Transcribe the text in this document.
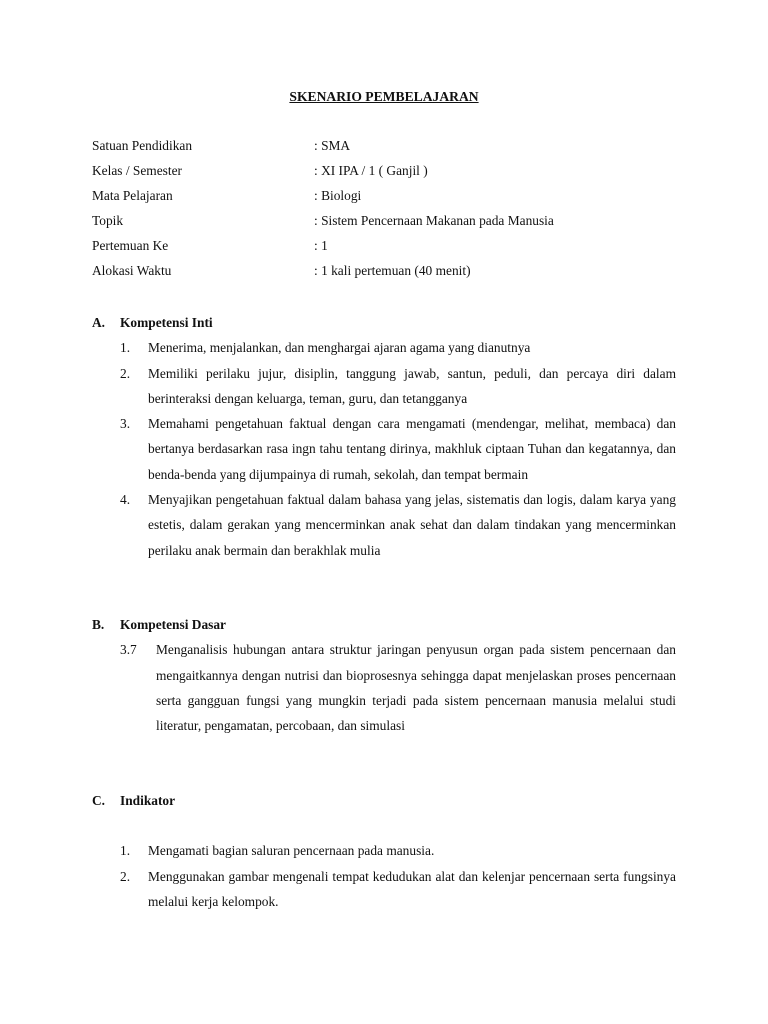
SKENARIO PEMBELAJARAN
Satuan Pendidikan	: SMA
Kelas / Semester	: XI IPA / 1 ( Ganjil )
Mata Pelajaran	: Biologi
Topik	: Sistem Pencernaan Makanan pada Manusia
Pertemuan Ke	: 1
Alokasi Waktu	: 1 kali pertemuan (40 menit)
A.	Kompetensi Inti
1.	Menerima, menjalankan, dan menghargai ajaran agama yang dianutnya
2.	Memiliki perilaku jujur, disiplin, tanggung jawab, santun, peduli, dan percaya diri dalam berinteraksi dengan keluarga, teman, guru, dan tetangganya
3.	Memahami pengetahuan faktual dengan cara mengamati (mendengar, melihat, membaca) dan bertanya berdasarkan rasa ingn tahu tentang dirinya, makhluk ciptaan Tuhan dan kegatannya, dan benda-benda yang dijumpainya di rumah, sekolah, dan tempat bermain
4.	Menyajikan pengetahuan faktual dalam bahasa yang jelas, sistematis dan logis, dalam karya yang estetis, dalam gerakan yang mencerminkan anak sehat dan dalam tindakan yang mencerminkan perilaku anak bermain dan berakhlak mulia
B.	Kompetensi Dasar
3.7	Menganalisis hubungan antara struktur jaringan penyusun organ pada sistem pencernaan dan mengaitkannya dengan nutrisi dan bioprosesnya sehingga dapat menjelaskan proses pencernaan serta gangguan fungsi yang mungkin terjadi pada sistem pencernaan manusia melalui studi literatur, pengamatan, percobaan, dan simulasi
C.	Indikator
1.	Mengamati bagian saluran pencernaan pada manusia.
2.	Menggunakan gambar mengenali tempat kedudukan alat dan kelenjar pencernaan serta fungsinya melalui kerja kelompok.
